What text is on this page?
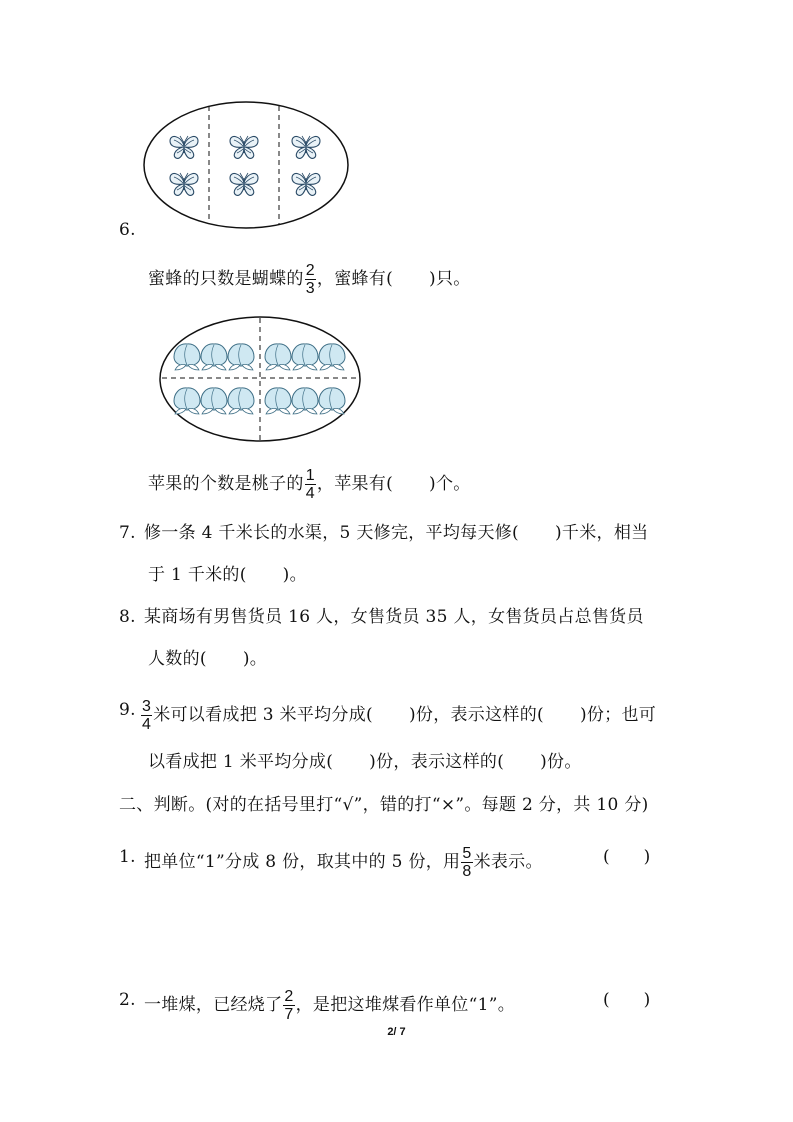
6.
蜜蜂的只数是蝴蝶的 $\frac{2}{3}$ ，蜜蜂有( )只。
苹果的个数是桃子的 $\frac{1}{4}$ ，苹果有( )个。
7. 修一条 4 千米长的水渠，5 天修完，平均每天修( )千米，相当
于 1 千米的( )。
8. 某商场有男售货员 16 人，女售货员 35 人，女售货员占总售货员
人数的( )。
9. $\frac{3}{4}$ 米可以看成把 3 米平均分成( )份，表示这样的( )份；也可
以看成把 1 米平均分成( )份，表示这样的( )份。
二、判断。(对的在括号里打“√”，错的打“×”。每题 2 分，共 10 分)
1. 把单位“1”分成 8 份，取其中的 5 份，用 $\frac{5}{8}$ 米表示。	(　　)
2. 一堆煤，已经烧了 $\frac{2}{7}$ ，是把这堆煤看作单位“1”。	(　　)
2/ 7
